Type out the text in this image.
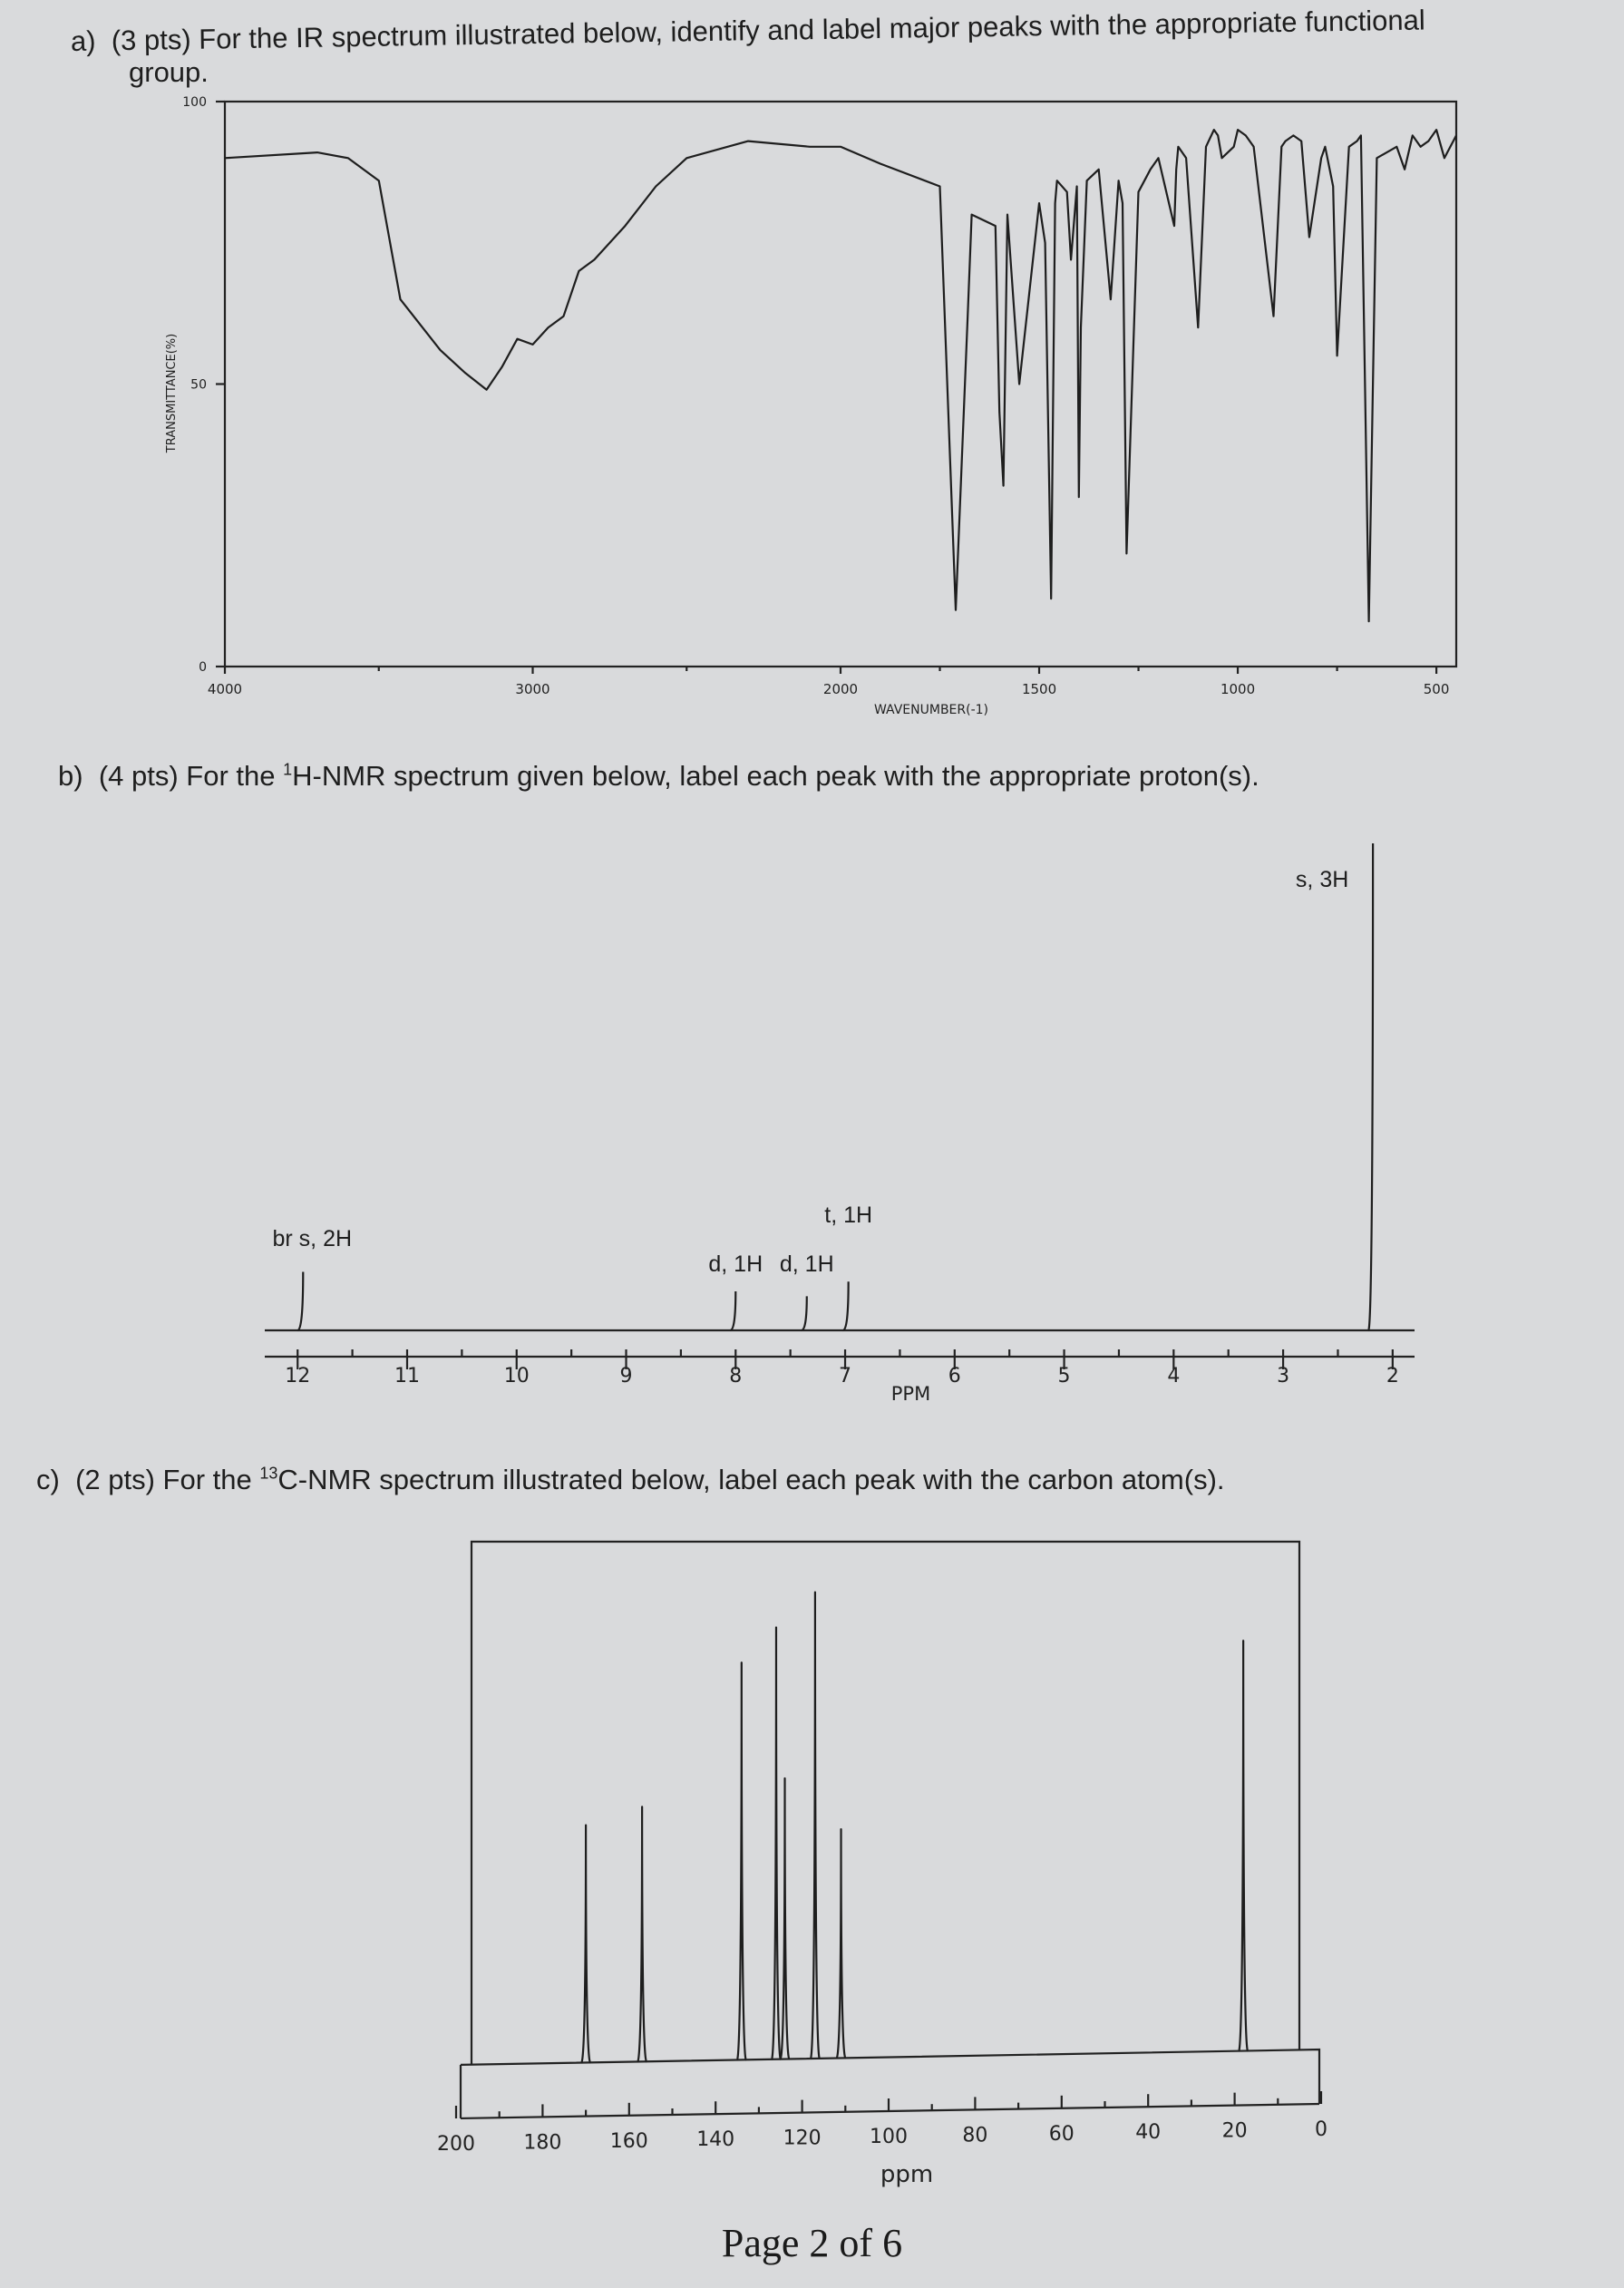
a) (3 pts) For the IR spectrum illustrated below, identify and label major peaks with the appropriate functional
group.
b) (4 pts) For the $^1$H-NMR spectrum given below, label each peak with the appropriate proton(s).
c) (2 pts) For the $^{13}$C-NMR spectrum illustrated below, label each peak with the carbon atom(s).
4000	3000	2000	1500	1000	500
100
50
0
WAVENUMBER(-1)
TRANSMITTANCE(%)
12	11	10	9	8	7	6	5	4	3	2
PPM
br s, 2H
d, 1H d, 1H
t, 1H
s, 3H
200 180 160 140 120 100	80	60	40	20	0
ppm
Page 2 of 6
